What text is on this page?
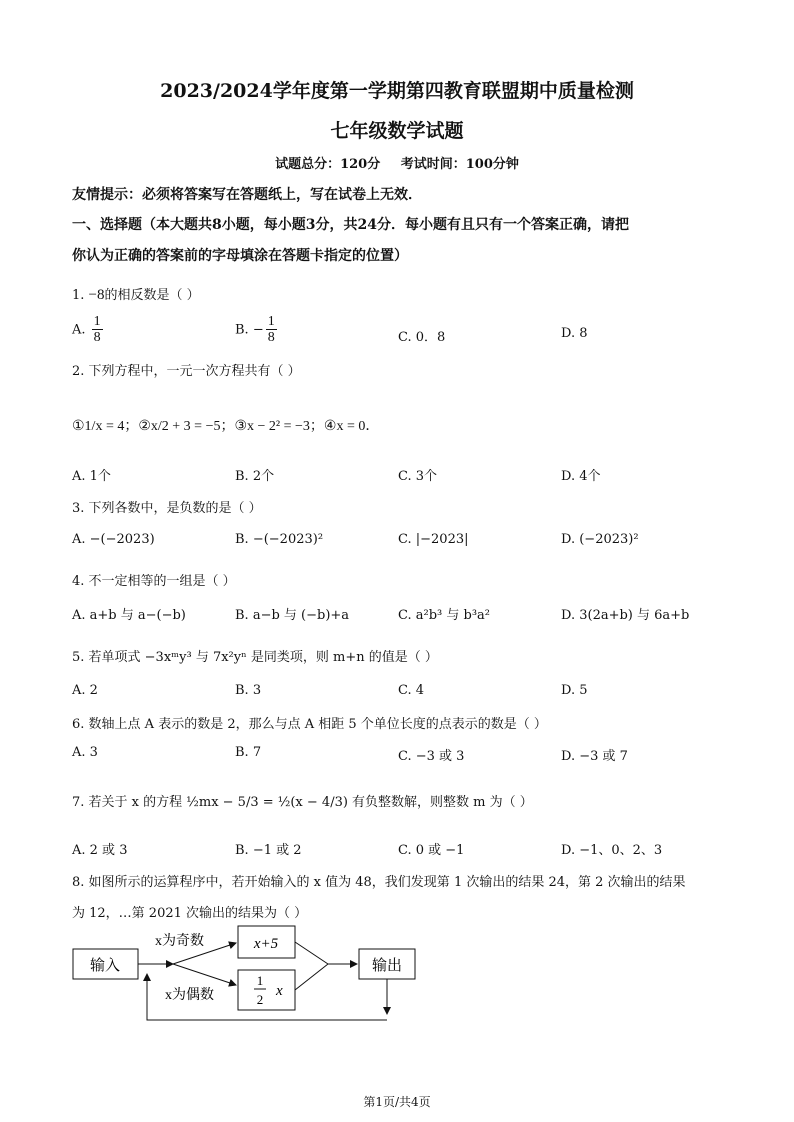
2023/2024学年度第一学期第四教育联盟期中质量检测
七年级数学试题
试题总分：120分 考试时间：100分钟
友情提示：必须将答案写在答题纸上，写在试卷上无效．
一、选择题（本大题共8小题，每小题3分，共24分．每小题有且只有一个答案正确，请把
你认为正确的答案前的字母填涂在答题卡指定的位置）
1. −8的相反数是（ ）
A. $\frac{1}{8}$	B. − $\frac{1}{8}$	C. 0．8	D. 8
2. 下列方程中，一元一次方程共有（ ）
①1/x = 4；②x/2 + 3 = −5；③x − 2² = −3；④x = 0．
A. 1个	B. 2个	C. 3个	D. 4个
3. 下列各数中，是负数的是（ ）
A. −(−2023)	B. −(−2023)²	C. |−2023|	D. (−2023)²
4. 不一定相等的一组是（ ）
A. a+b 与 a−(−b)	B. a−b 与 (−b)+a	C. a²b³ 与 b³a²	D. 3(2a+b) 与 6a+b
5. 若单项式 −3xᵐy³ 与 7x²yⁿ 是同类项，则 m+n 的值是（ ）
A. 2	B. 3	C. 4	D. 5
6. 数轴上点 A 表示的数是 2，那么与点 A 相距 5 个单位长度的点表示的数是（ ）
A. 3	B. 7	C. −3 或 3	D. −3 或 7
7. 若关于 x 的方程 ½mx − 5/3 = ½(x − 4/3) 有负整数解，则整数 m 为（ ）
A. 2 或 3	B. −1 或 2	C. 0 或 −1	D. −1、0、2、3
8. 如图所示的运算程序中，若开始输入的 x 值为 48，我们发现第 1 次输出的结果 24，第 2 次输出的结果
为 12，…第 2021 次输出的结果为（ ）
输入
x为奇数
x为偶数
x+5
1
2
x
输出
第1页/共4页
